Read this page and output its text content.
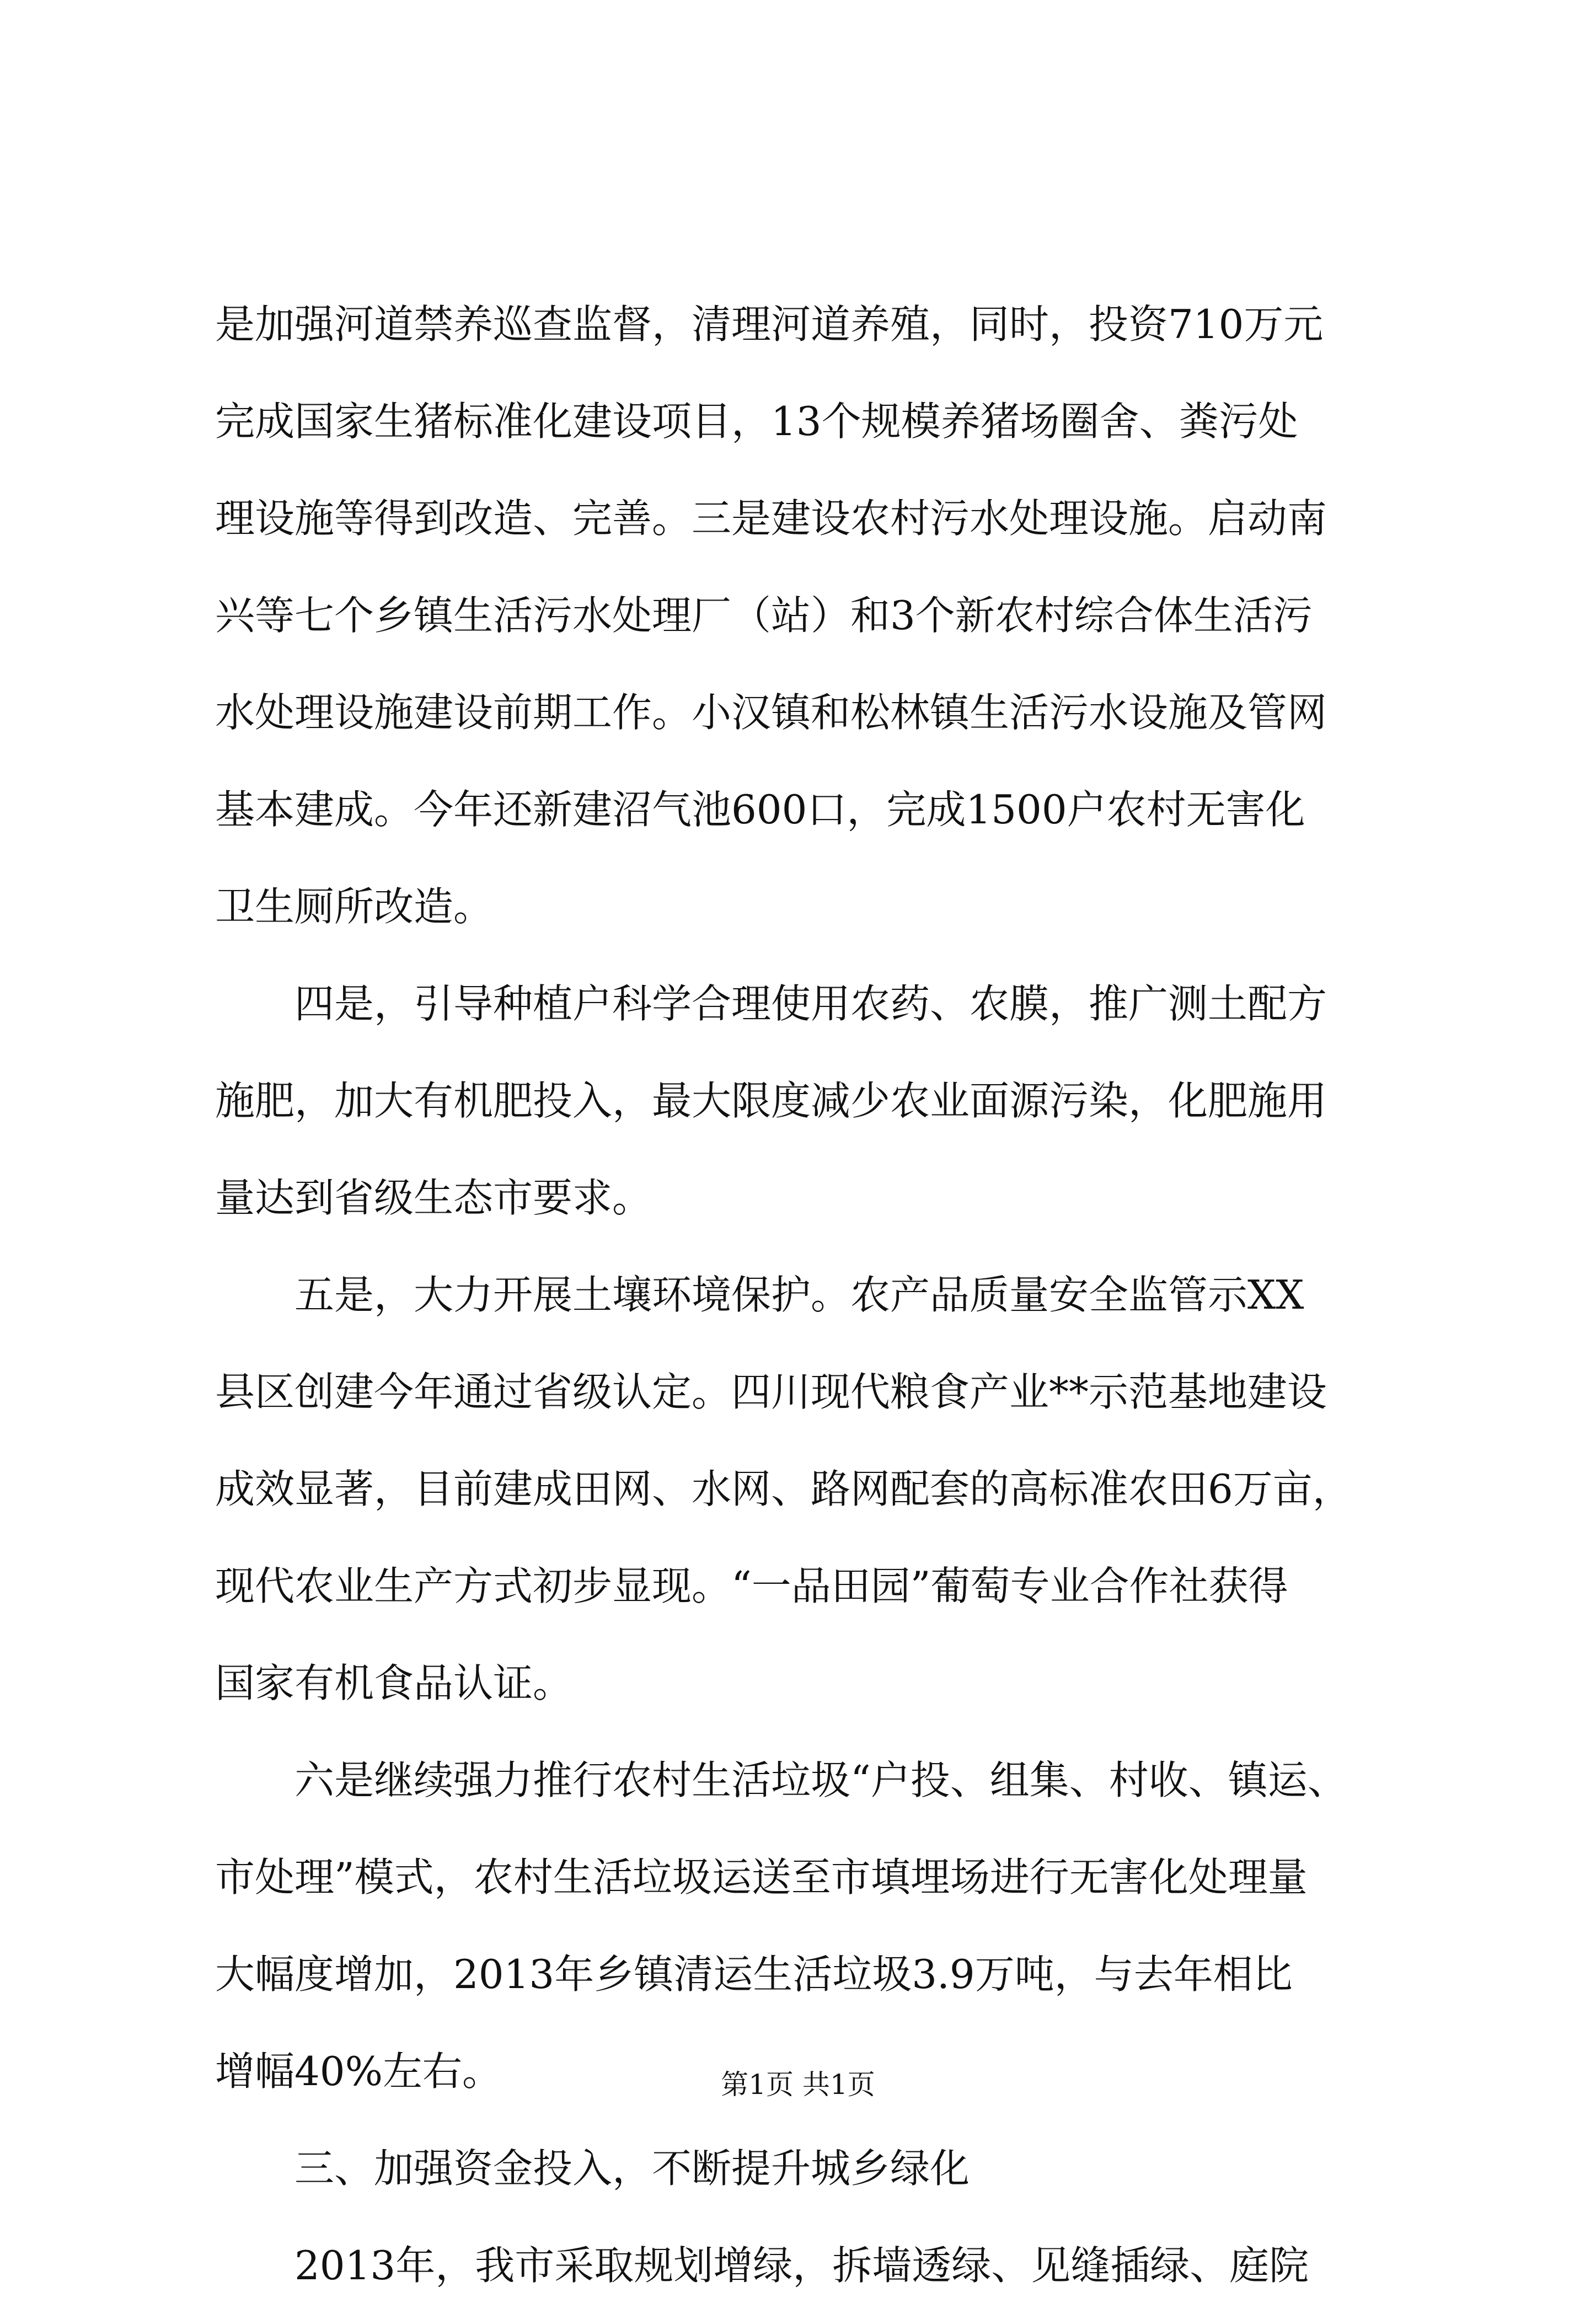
是加强河道禁养巡查监督，清理河道养殖，同时，投资710万元
完成国家生猪标准化建设项目，13个规模养猪场圈舍、粪污处
理设施等得到改造、完善。三是建设农村污水处理设施。启动南
兴等七个乡镇生活污水处理厂（站）和3个新农村综合体生活污
水处理设施建设前期工作。小汉镇和松林镇生活污水设施及管网
基本建成。今年还新建沼气池600口，完成1500户农村无害化
卫生厕所改造。
四是，引导种植户科学合理使用农药、农膜，推广测土配方
施肥，加大有机肥投入，最大限度减少农业面源污染，化肥施用
量达到省级生态市要求。
五是，大力开展土壤环境保护。农产品质量安全监管示XX
县区创建今年通过省级认定。四川现代粮食产业**示范基地建设
成效显著，目前建成田网、水网、路网配套的高标准农田6万亩，
现代农业生产方式初步显现。“一品田园”葡萄专业合作社获得
国家有机食品认证。
六是继续强力推行农村生活垃圾“户投、组集、村收、镇运、
市处理”模式，农村生活垃圾运送至市填埋场进行无害化处理量
大幅度增加，2013年乡镇清运生活垃圾3.9万吨，与去年相比
增幅40%左右。
三、加强资金投入，不断提升城乡绿化
2013年，我市采取规划增绿，拆墙透绿、见缝插绿、庭院
第1页 共1页
